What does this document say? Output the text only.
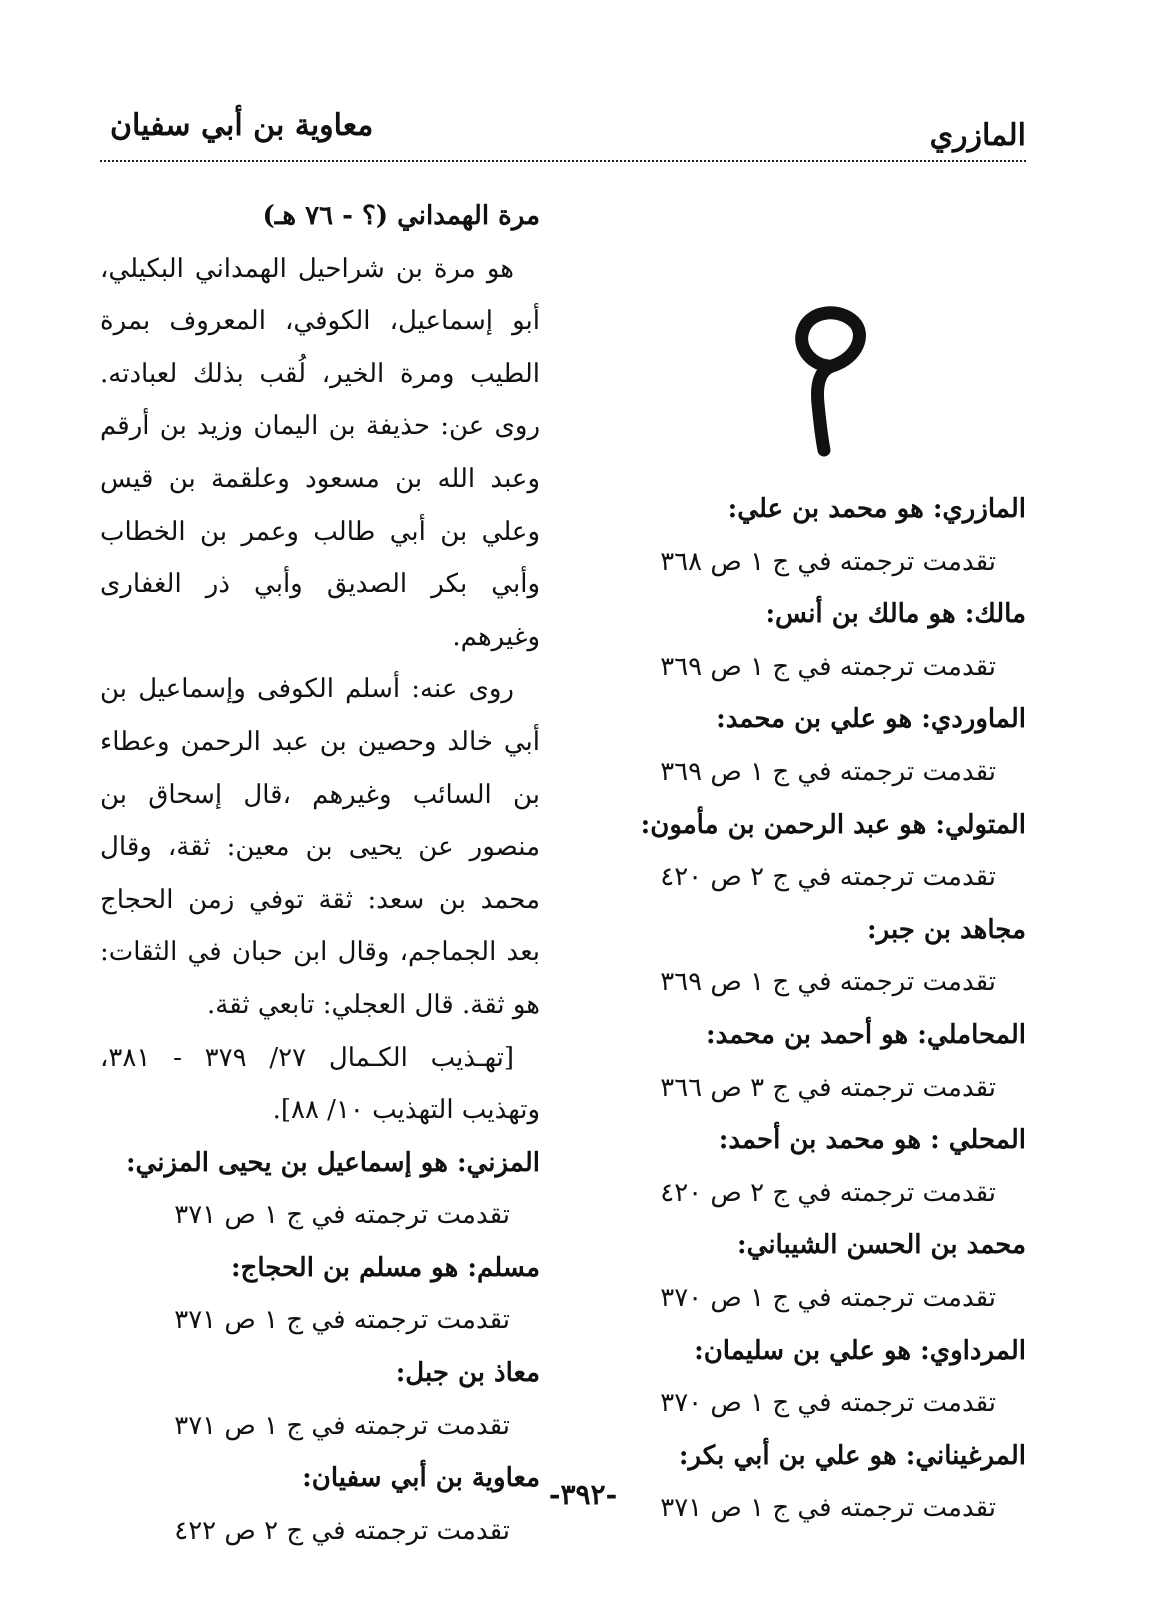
المازري
معاوية بن أبي سفيان
مرة الهمداني (؟ - ٧٦ هـ)
هو مرة بن شراحيل الهمداني البكيلي، أبو إسماعيل، الكوفي، المعروف بمرة الطيب ومرة الخير، لُقب بذلك لعبادته. روى عن: حذيفة بن اليمان وزيد بن أرقم وعبد الله بن مسعود وعلقمة بن قيس وعلي بن أبي طالب وعمر بن الخطاب وأبي بكر الصديق وأبي ذر الغفارى وغيرهم.
روى عنه: أسلم الكوفى وإسماعيل بن أبي خالد وحصين بن عبد الرحمن وعطاء بن السائب وغيرهم ،قال إسحاق بن منصور عن يحيى بن معين: ثقة، وقال محمد بن سعد: ثقة توفي زمن الحجاج بعد الجماجم، وقال ابن حبان في الثقات: هو ثقة. قال العجلي: تابعي ثقة.
[تهـذيب الكـمال ٢٧/ ٣٧٩ - ٣٨١، وتهذيب التهذيب ١٠/ ٨٨].
المزني: هو إسماعيل بن يحيى المزني:
تقدمت ترجمته في ج ١ ص ٣٧١
مسلم: هو مسلم بن الحجاج:
تقدمت ترجمته في ج ١ ص ٣٧١
معاذ بن جبل:
تقدمت ترجمته في ج ١ ص ٣٧١
معاوية بن أبي سفيان:
تقدمت ترجمته في ج ٢ ص ٤٢٢
المازري: هو محمد بن علي:
تقدمت ترجمته في ج ١ ص ٣٦٨
مالك: هو مالك بن أنس:
تقدمت ترجمته في ج ١ ص ٣٦٩
الماوردي: هو علي بن محمد:
تقدمت ترجمته في ج ١ ص ٣٦٩
المتولي: هو عبد الرحمن بن مأمون:
تقدمت ترجمته في ج ٢ ص ٤٢٠
مجاهد بن جبر:
تقدمت ترجمته في ج ١ ص ٣٦٩
المحاملي: هو أحمد بن محمد:
تقدمت ترجمته في ج ٣ ص ٣٦٦
المحلي : هو محمد بن أحمد:
تقدمت ترجمته في ج ٢ ص ٤٢٠
محمد بن الحسن الشيباني:
تقدمت ترجمته في ج ١ ص ٣٧٠
المرداوي: هو علي بن سليمان:
تقدمت ترجمته في ج ١ ص ٣٧٠
المرغيناني: هو علي بن أبي بكر:
تقدمت ترجمته في ج ١ ص ٣٧١
-٣٩٢-
